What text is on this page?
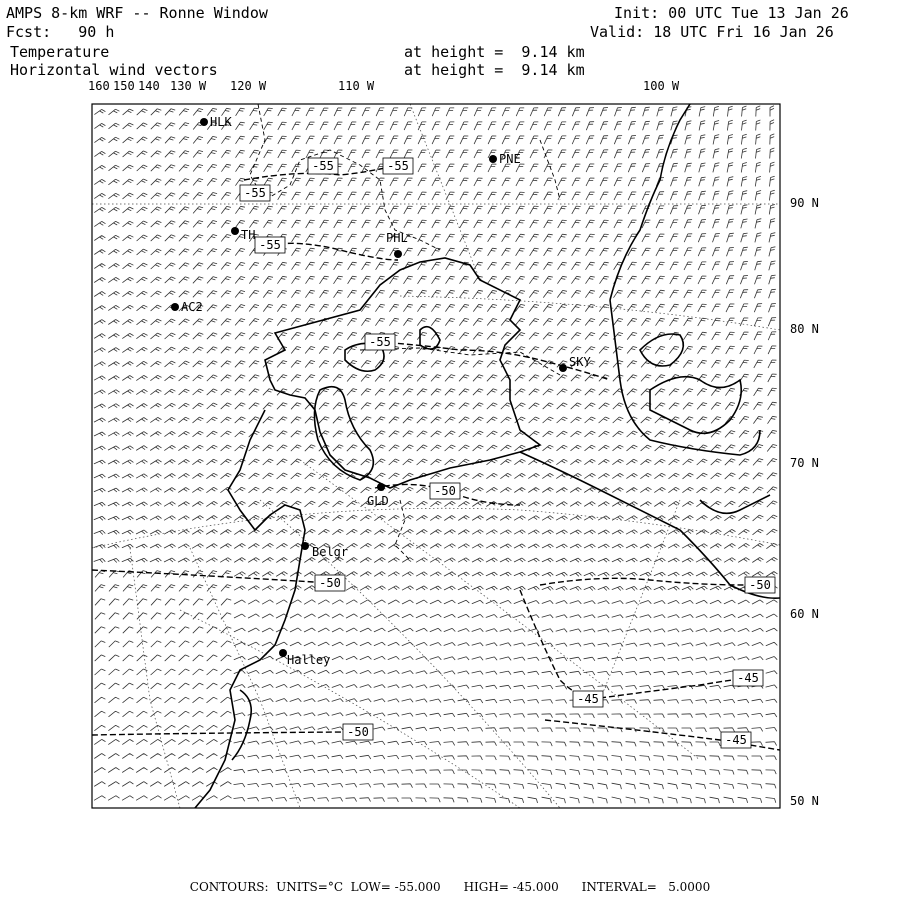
AMPS 8-km WRF -- Ronne Window	Init: 00 UTC Tue 13 Jan 26
Fcst:   90 h	Valid: 18 UTC Fri 16 Jan 26
Temperature	at height =  9.14 km
Horizontal wind vectors	at height =  9.14 km
-55	-55
-55
-55
-55
-50
-50	-50
-50
-45
-45
-45
HLK
PNE
TH	PHL
AC2
SKY
GLD
Belgr
Halley
160 150 140 130 W 120 W	110 W	100 W
90 N
80 N
70 N
60 N
50 N
CONTOURS:  UNITS=°C  LOW= -55.000      HIGH= -45.000      INTERVAL=   5.0000
